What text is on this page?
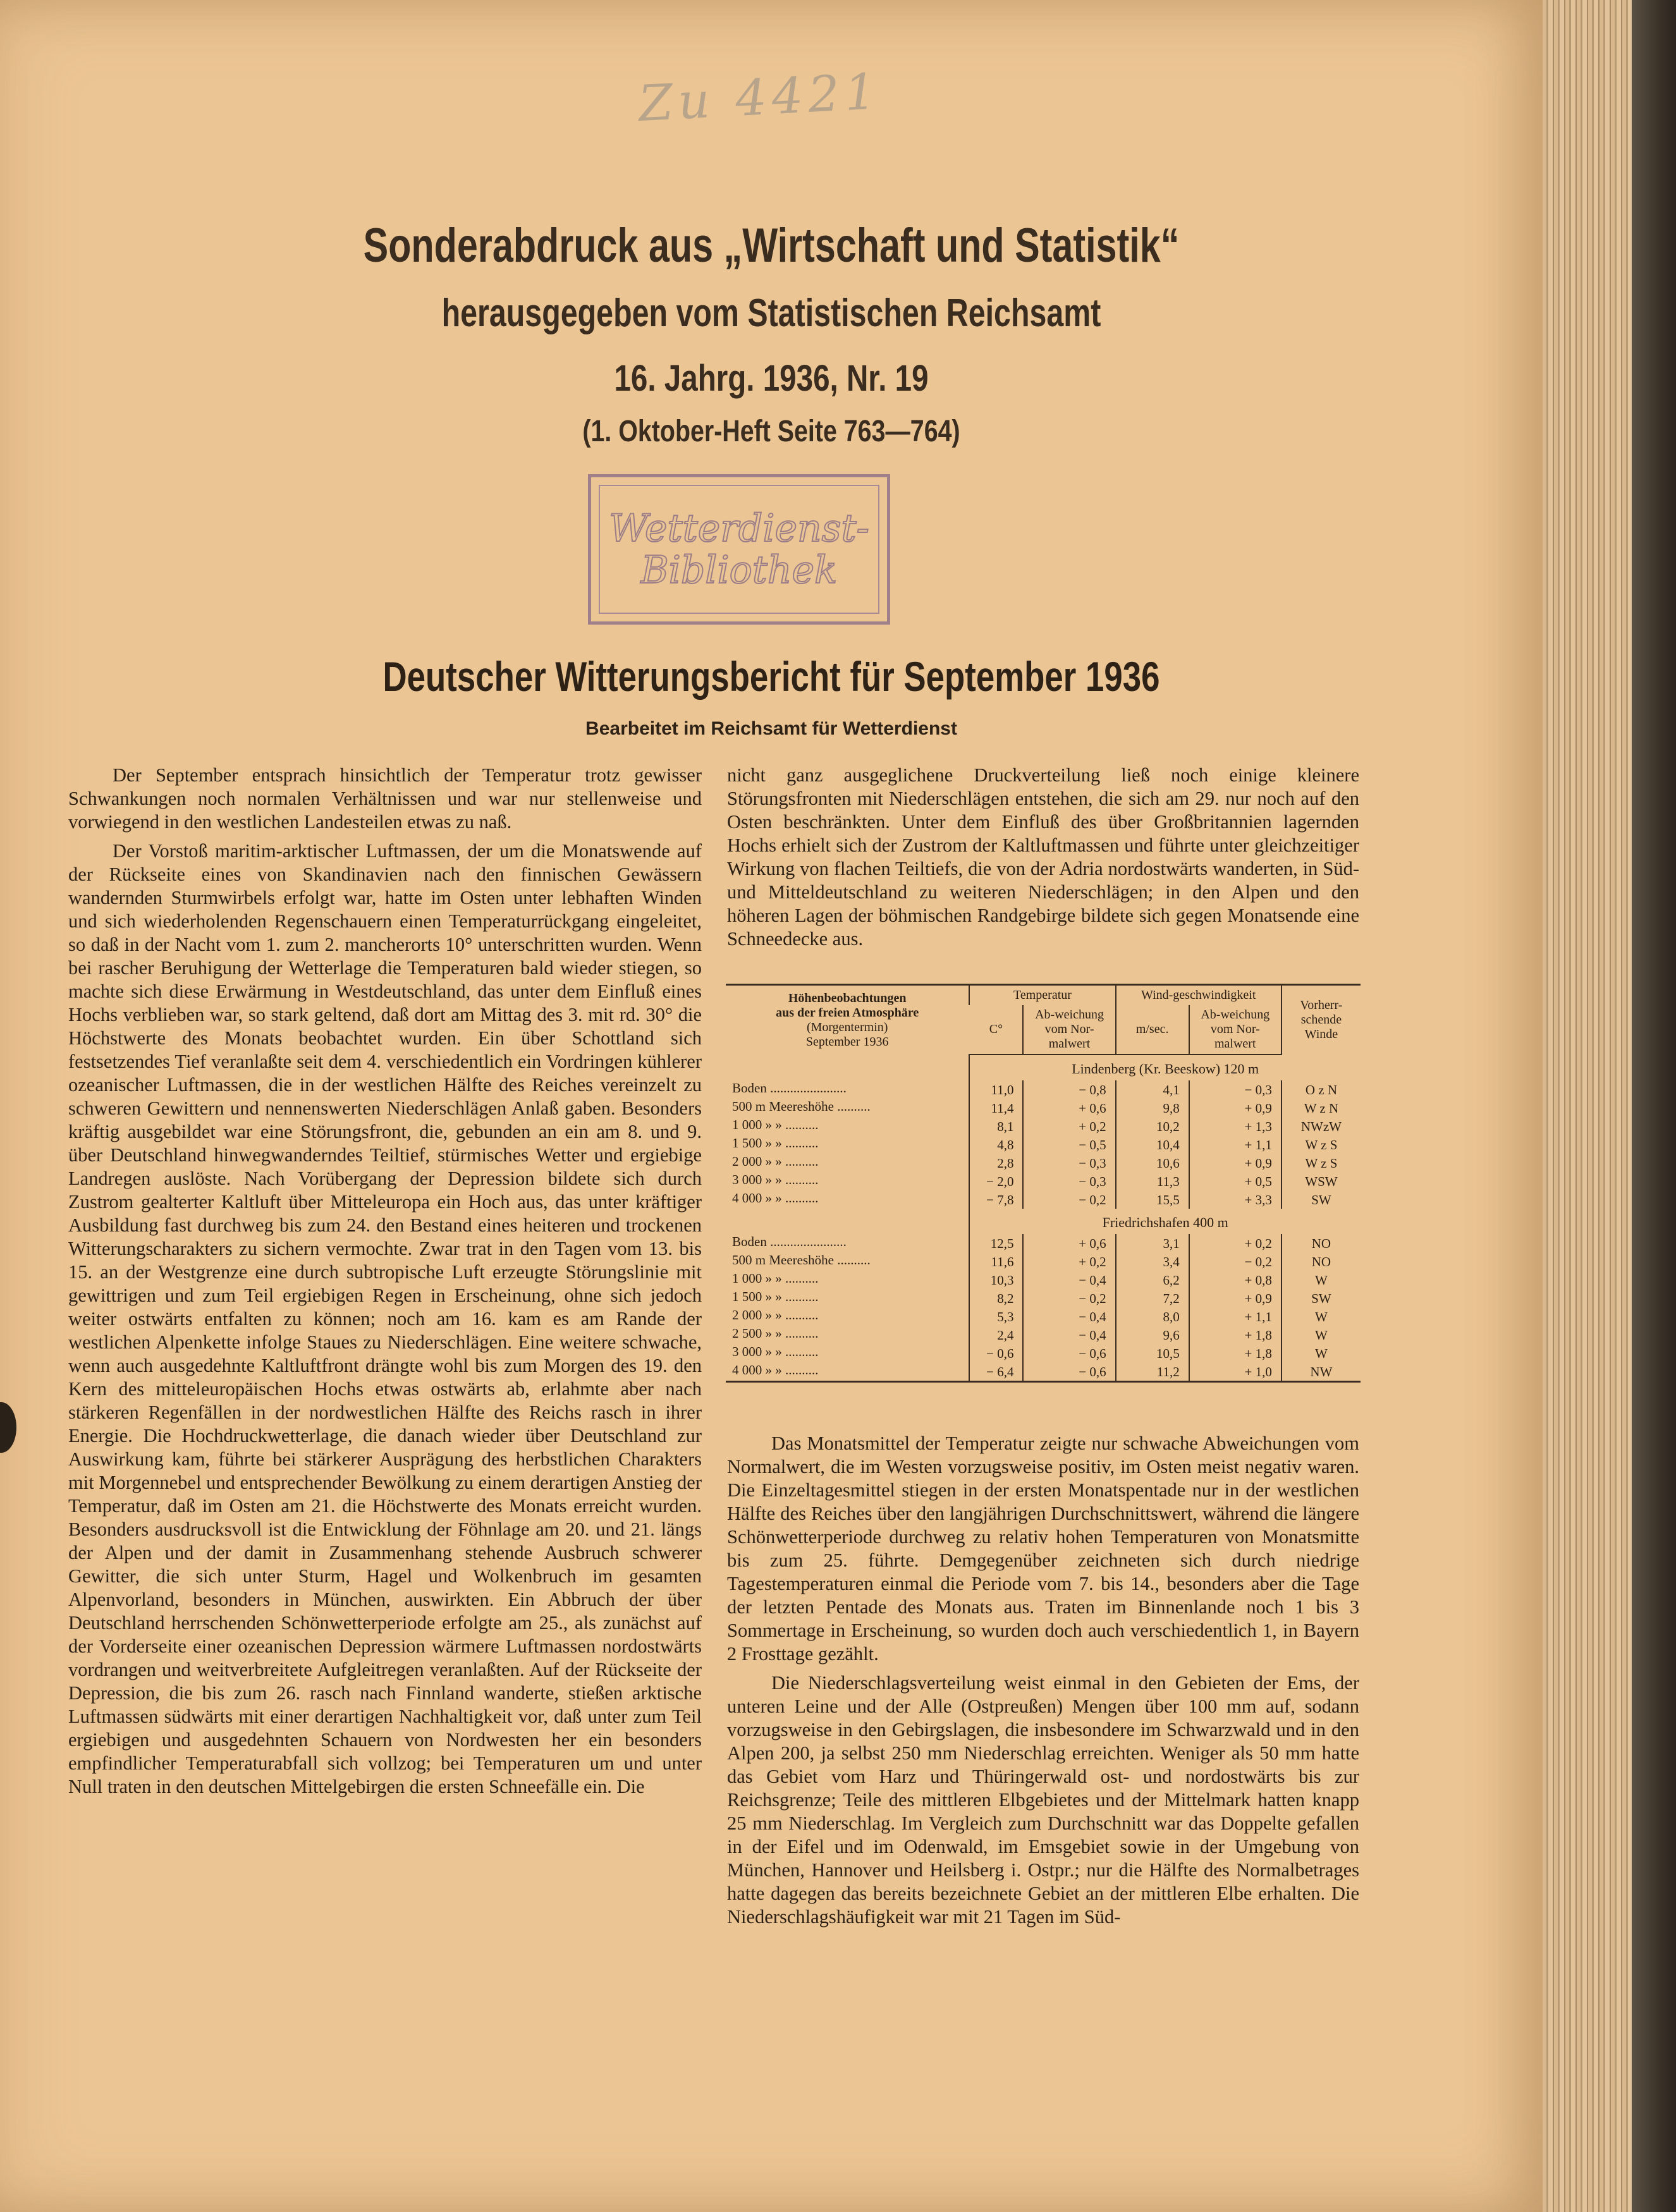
Zu 4421
Sonderabdruck aus „Wirtschaft und Statistik“
herausgegeben vom Statistischen Reichsamt
16. Jahrg. 1936, Nr. 19
(1. Oktober-Heft Seite 763—764)
Wetterdienst-
Bibliothek
Deutscher Witterungsbericht für September 1936
Bearbeitet im Reichsamt für Wetterdienst

Der September entsprach hinsichtlich der Temperatur trotz gewisser Schwankungen noch normalen Verhältnissen und war nur stellenweise und vorwiegend in den westlichen Landesteilen etwas zu naß.

Der Vorstoß maritim-arktischer Luftmassen, der um die Monatswende auf der Rückseite eines von Skandinavien nach den finnischen Gewässern wandernden Sturmwirbels erfolgt war, hatte im Osten unter lebhaften Winden und sich wiederholenden Regenschauern einen Temperaturrückgang eingeleitet, so daß in der Nacht vom 1. zum 2. mancherorts 10° unterschritten wurden. Wenn bei rascher Beruhigung der Wetterlage die Temperaturen bald wieder stiegen, so machte sich diese Erwärmung in Westdeutschland, das unter dem Einfluß eines Hochs verblieben war, so stark geltend, daß dort am Mittag des 3. mit rd. 30° die Höchstwerte des Monats beobachtet wurden. Ein über Schottland sich festsetzendes Tief veranlaßte seit dem 4. verschiedentlich ein Vordringen kühlerer ozeanischer Luftmassen, die in der westlichen Hälfte des Reiches vereinzelt zu schweren Gewittern und nennenswerten Niederschlägen Anlaß gaben. Besonders kräftig ausgebildet war eine Störungsfront, die, gebunden an ein am 8. und 9. über Deutschland hinwegwanderndes Teiltief, stürmisches Wetter und ergiebige Landregen auslöste. Nach Vorübergang der Depression bildete sich durch Zustrom gealterter Kaltluft über Mitteleuropa ein Hoch aus, das unter kräftiger Ausbildung fast durchweg bis zum 24. den Bestand eines heiteren und trockenen Witterungscharakters zu sichern vermochte. Zwar trat in den Tagen vom 13. bis 15. an der Westgrenze eine durch subtropische Luft erzeugte Störungslinie mit gewittrigen und zum Teil ergiebigen Regen in Erscheinung, ohne sich jedoch weiter ostwärts entfalten zu können; noch am 16. kam es am Rande der westlichen Alpenkette infolge Staues zu Niederschlägen. Eine weitere schwache, wenn auch ausgedehnte Kaltluftfront drängte wohl bis zum Morgen des 19. den Kern des mitteleuropäischen Hochs etwas ostwärts ab, erlahmte aber nach stärkeren Regenfällen in der nordwestlichen Hälfte des Reichs rasch in ihrer Energie. Die Hochdruckwetterlage, die danach wieder über Deutschland zur Auswirkung kam, führte bei stärkerer Ausprägung des herbstlichen Charakters mit Morgennebel und entsprechender Bewölkung zu einem derartigen Anstieg der Temperatur, daß im Osten am 21. die Höchstwerte des Monats erreicht wurden. Besonders ausdrucksvoll ist die Entwicklung der Föhnlage am 20. und 21. längs der Alpen und der damit in Zusammenhang stehende Ausbruch schwerer Gewitter, die sich unter Sturm, Hagel und Wolkenbruch im gesamten Alpenvorland, besonders in München, auswirkten. Ein Abbruch der über Deutschland herrschenden Schönwetterperiode erfolgte am 25., als zunächst auf der Vorderseite einer ozeanischen Depression wärmere Luftmassen nordostwärts vordrangen und weitverbreitete Aufgleitregen veranlaßten. Auf der Rückseite der Depression, die bis zum 26. rasch nach Finnland wanderte, stießen arktische Luftmassen südwärts mit einer derartigen Nachhaltigkeit vor, daß unter zum Teil ergiebigen und ausgedehnten Schauern von Nordwesten her ein besonders empfindlicher Temperaturabfall sich vollzog; bei Temperaturen um und unter Null traten in den deutschen Mittelgebirgen die ersten Schneefälle ein. Die

nicht ganz ausgeglichene Druckverteilung ließ noch einige kleinere Störungsfronten mit Niederschlägen entstehen, die sich am 29. nur noch auf den Osten beschränkten. Unter dem Einfluß des über Großbritannien lagernden Hochs erhielt sich der Zustrom der Kaltluftmassen und führte unter gleichzeitiger Wirkung von flachen Teiltiefs, die von der Adria nordostwärts wanderten, in Süd- und Mitteldeutschland zu weiteren Niederschlägen; in den Alpen und den höheren Lagen der böhmischen Randgebirge bildete sich gegen Monatsende eine Schneedecke aus.

Höhenbeobachtungen
aus der freien Atmosphäre
(Morgentermin)
September 1936	Temperatur		Wind-geschwindigkeit		Vorherr-schende Winde
	C°	Ab-weichung vom Nor-malwert	m/sec.	Ab-weichung vom Nor-malwert	
	Lindenberg (Kr. Beeskow) 120 m				
Boden .......................	11,0	− 0,8	4,1	− 0,3	O z N
500 m Meereshöhe ..........	11,4	+ 0,6	9,8	+ 0,9	W z N
1 000 » » ..........	8,1	+ 0,2	10,2	+ 1,3	NWzW
1 500 » » ..........	4,8	− 0,5	10,4	+ 1,1	W z S
2 000 » » ..........	2,8	− 0,3	10,6	+ 0,9	W z S
3 000 » » ..........	− 2,0	− 0,3	11,3	+ 0,5	WSW
4 000 » » ..........	− 7,8	− 0,2	15,5	+ 3,3	SW
	Friedrichshafen 400 m				
Boden .......................	12,5	+ 0,6	3,1	+ 0,2	NO
500 m Meereshöhe ..........	11,6	+ 0,2	3,4	− 0,2	NO
1 000 » » ..........	10,3	− 0,4	6,2	+ 0,8	W
1 500 » » ..........	8,2	− 0,2	7,2	+ 0,9	SW
2 000 » » ..........	5,3	− 0,4	8,0	+ 1,1	W
2 500 » » ..........	2,4	− 0,4	9,6	+ 1,8	W
3 000 » » ..........	− 0,6	− 0,6	10,5	+ 1,8	W
4 000 » » ..........	− 6,4	− 0,6	11,2	+ 1,0	NW

Das Monatsmittel der Temperatur zeigte nur schwache Abweichungen vom Normalwert, die im Westen vorzugsweise positiv, im Osten meist negativ waren. Die Einzeltagesmittel stiegen in der ersten Monatspentade nur in der westlichen Hälfte des Reiches über den langjährigen Durchschnittswert, während die längere Schönwetterperiode durchweg zu relativ hohen Temperaturen von Monatsmitte bis zum 25. führte. Demgegenüber zeichneten sich durch niedrige Tagestemperaturen einmal die Periode vom 7. bis 14., besonders aber die Tage der letzten Pentade des Monats aus. Traten im Binnenlande noch 1 bis 3 Sommertage in Erscheinung, so wurden doch auch verschiedentlich 1, in Bayern 2 Frosttage gezählt.

Die Niederschlagsverteilung weist einmal in den Gebieten der Ems, der unteren Leine und der Alle (Ostpreußen) Mengen über 100 mm auf, sodann vorzugsweise in den Gebirgslagen, die insbesondere im Schwarzwald und in den Alpen 200, ja selbst 250 mm Niederschlag erreichten. Weniger als 50 mm hatte das Gebiet vom Harz und Thüringerwald ost- und nordostwärts bis zur Reichsgrenze; Teile des mittleren Elbgebietes und der Mittelmark hatten knapp 25 mm Niederschlag. Im Vergleich zum Durchschnitt war das Doppelte gefallen in der Eifel und im Odenwald, im Emsgebiet sowie in der Umgebung von München, Hannover und Heilsberg i. Ostpr.; nur die Hälfte des Normalbetrages hatte dagegen das bereits bezeichnete Gebiet an der mittleren Elbe erhalten. Die Niederschlagshäufigkeit war mit 21 Tagen im Süd-
